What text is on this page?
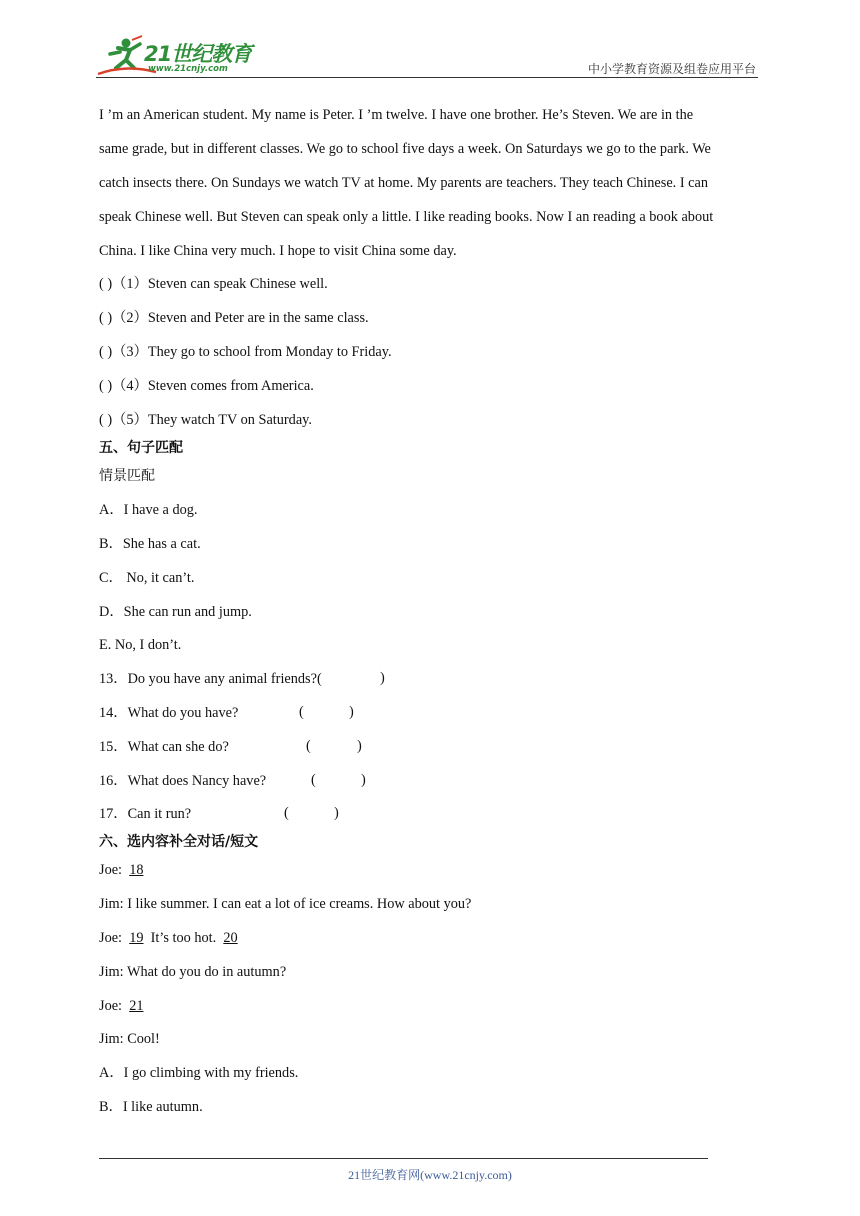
21世纪教育
www.21cnjy.com	中小学教育资源及组卷应用平台
I ’m an American student. My name is Peter. I ’m twelve. I have one brother. He’s Steven. We are in the
same grade, but in different classes. We go to school five days a week. On Saturdays we go to the park. We
catch insects there. On Sundays we watch TV at home. My parents are teachers. They teach Chinese. I can
speak Chinese well. But Steven can speak only a little. I like reading books. Now I an reading a book about
China. I like China very much. I hope to visit China some day.
( )（1）Steven can speak Chinese well.
( )（2）Steven and Peter are in the same class.
( )（3）They go to school from Monday to Friday.
( )（4）Steven comes from America.
( )（5）They watch TV on Saturday.
五、句子匹配
情景匹配
A．I have a dog.
B．She has a cat.
C． No, it can’t.
D．She can run and jump.
E. No, I don’t.
13．Do you have any animal friends?(	)
14．What do you have?	(	)
15．What can she do?	(	)
16．What does Nancy have?	(	)
17．Can it run?	(	)
六、选内容补全对话/短文
Joe:  18
Jim: I like summer. I can eat a lot of ice creams. How about you?
Joe:  19  It’s too hot.  20
Jim: What do you do in autumn?
Joe:  21
Jim: Cool!
A．I go climbing with my friends.
B．I like autumn.
21世纪教育网(www.21cnjy.com)
